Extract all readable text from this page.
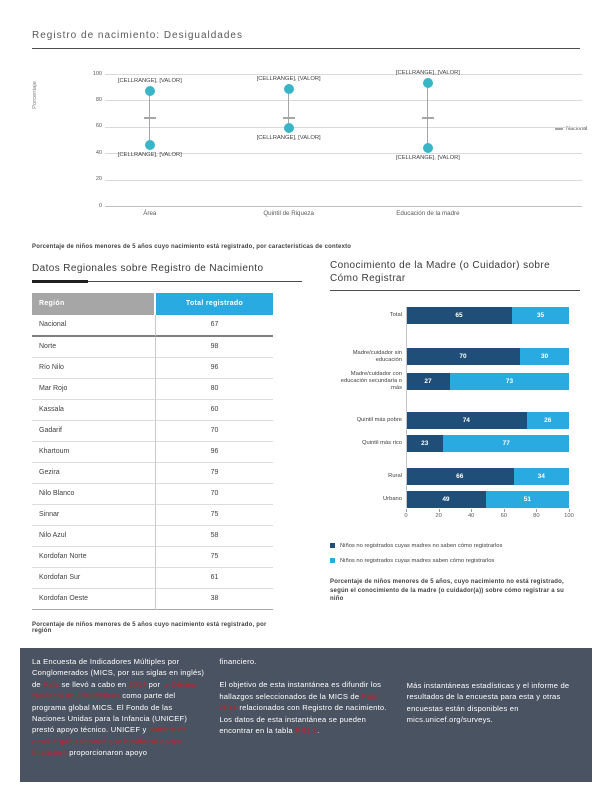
Registro de nacimiento: Desigualdades
Porcentaje
Nacional
0
20
40
60
80
100
[CELLRANGE], [VALOR]
[CELLRANGE], [VALOR]
Área
[CELLRANGE], [VALOR]
[CELLRANGE], [VALOR]
Quintil de Riqueza
[CELLRANGE], [VALOR]
[CELLRANGE], [VALOR]
Educación de la madre

Porcentaje de niños menores de 5 años cuyo nacimiento está registrado, por características de contexto

Datos Regionales sobre Registro de Nacimiento
Región	Total registrado
Nacional	67
Norte	98
Río Nilo	96
Mar Rojo	80
Kassala	60
Gadarif	70
Khartoum	96
Gezira	79
Nilo Blanco	70
Sinnar	75
Nilo Azul	58
Kordofan Norte	75
Kordofan Sur	61
Kordofan Oeste	38

Porcentaje de niños menores de 5 años cuyo nacimiento está registrado, por región

Conocimiento de la Madre (o Cuidador) sobre Cómo Registrar
Total	65	35
Madre/cuidador sin educación	70	30
Madre/cuidador con educación secundaria o más
27	73
Quintil más pobre	74	26
Quintil más rico	23	77
Rural	66	34
Urbano	49	51
0	20	40	60	80	100
Niños no registrados cuyas madres no saben cómo registrarlos
Niños no registrados cuyas madres saben cómo registrarlos

Porcentaje de niños menores de 5 años, cuyo nacimiento no está registrado, según el conocimiento de la madre (o cuidador(a)) sobre cómo registrar a su niño

La Encuesta de Indicadores Múltiples por Conglomerados (MICS, por sus siglas en inglés) de País se llevó a cabo en 2014 por la Oficina Nacional de Estadísticas como parte del programa global MICS. El Fondo de las Naciones Unidas para la Infancia (UNICEF) prestó apoyo técnico. UNICEF y nombre de otras organizaciones que brindaron apoyo financiero proporcionaron apoyo

financiero.

El objetivo de esta instantánea es difundir los hallazgos seleccionados de la MICS de País 2014 relacionados con Registro de nacimiento. Los datos de esta instantánea se pueden encontrar en la tabla PR1.1.

Más instantáneas estadísticas y el informe de resultados de la encuesta para esta y otras encuestas están disponibles en mics.unicef.org/surveys.
